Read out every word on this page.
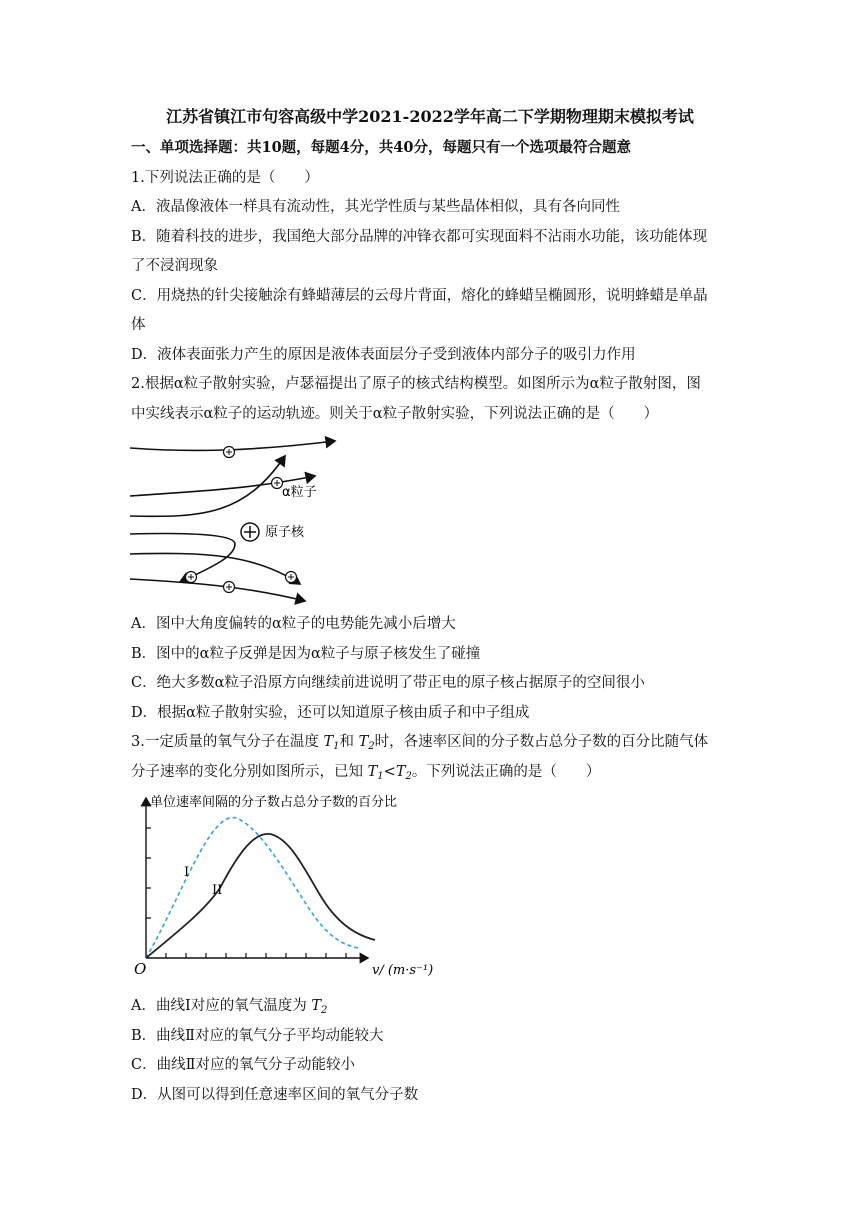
江苏省镇江市句容高级中学2021-2022学年高二下学期物理期末模拟考试
一、单项选择题：共10题，每题4分，共40分，每题只有一个选项最符合题意
1.下列说法正确的是（　　）
A．液晶像液体一样具有流动性，其光学性质与某些晶体相似，具有各向同性
B．随着科技的进步，我国绝大部分品牌的冲锋衣都可实现面料不沾雨水功能，该功能体现
了不浸润现象
C．用烧热的针尖接触涂有蜂蜡薄层的云母片背面，熔化的蜂蜡呈椭圆形，说明蜂蜡是单晶
体
D．液体表面张力产生的原因是液体表面层分子受到液体内部分子的吸引力作用
2.根据α粒子散射实验，卢瑟福提出了原子的核式结构模型。如图所示为α粒子散射图，图
中实线表示α粒子的运动轨迹。则关于α粒子散射实验，下列说法正确的是（　　）
α粒子
原子核
A．图中大角度偏转的α粒子的电势能先减小后增大
B．图中的α粒子反弹是因为α粒子与原子核发生了碰撞
C．绝大多数α粒子沿原方向继续前进说明了带正电的原子核占据原子的空间很小
D．根据α粒子散射实验，还可以知道原子核由质子和中子组成
3.一定质量的氧气分子在温度 $T_1$和 $T_2$时，各速率区间的分子数占总分子数的百分比随气体
分子速率的变化分别如图所示，已知 $T_1<T_2$。下列说法正确的是（　　）
单位速率间隔的分子数占总分子数的百分比
I
II
O	v/ (m·s⁻¹)
A．曲线Ⅰ对应的氧气温度为 $T_2$
B．曲线Ⅱ对应的氧气分子平均动能较大
C．曲线Ⅱ对应的氧气分子动能较小
D．从图可以得到任意速率区间的氧气分子数
